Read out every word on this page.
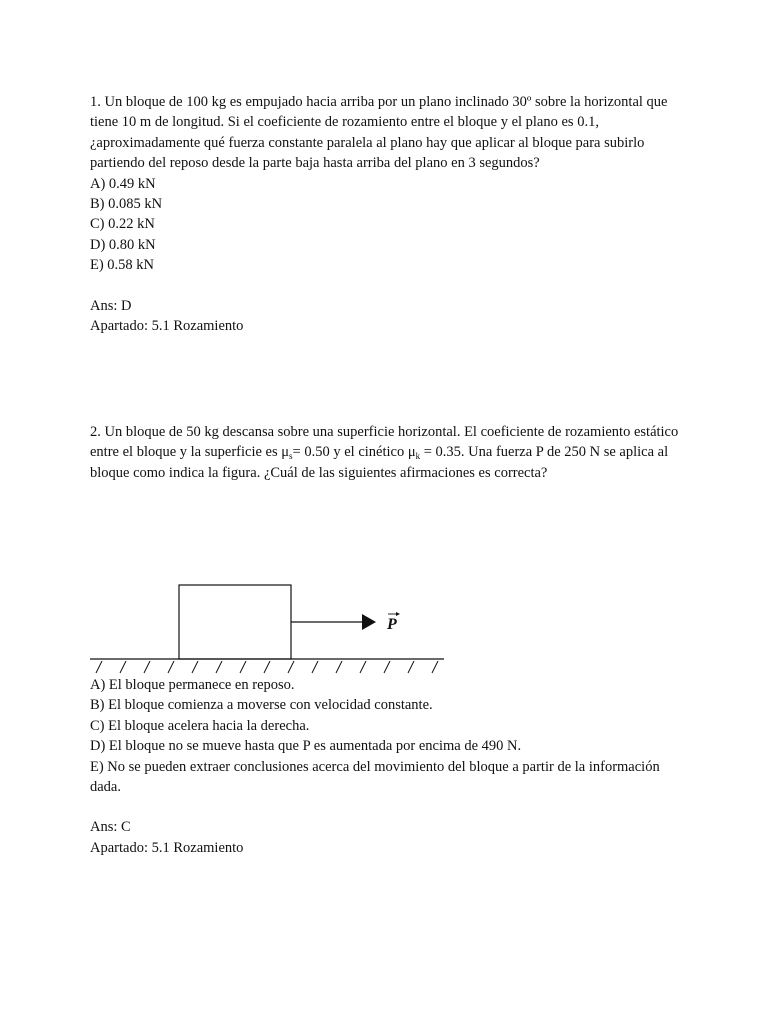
1. Un bloque de 100 kg es empujado hacia arriba por un plano inclinado 30º sobre la horizontal que tiene 10 m de longitud. Si el coeficiente de rozamiento entre el bloque y el plano es 0.1, ¿aproximadamente qué fuerza constante paralela al plano hay que aplicar al bloque para subirlo partiendo del reposo desde la parte baja hasta arriba del plano en 3 segundos?

A) 0.49 kN
B) 0.085 kN
C) 0.22 kN
D) 0.80 kN
E) 0.58 kN
Ans: D
Apartado: 5.1 Rozamiento

2. Un bloque de 50 kg descansa sobre una superficie horizontal. El coeficiente de rozamiento estático entre el bloque y la superficie es $\mu_s= 0.50$ y el cinético $\mu_k = 0.35$. Una fuerza P de 250 N se aplica al bloque como indica la figura. ¿Cuál de las siguientes afirmaciones es correcta?

P
A) El bloque permanece en reposo.
B) El bloque comienza a moverse con velocidad constante.
C) El bloque acelera hacia la derecha.
D) El bloque no se mueve hasta que P es aumentada por encima de 490 N.
E) No se pueden extraer conclusiones acerca del movimiento del bloque a partir de la información dada.
Ans: C
Apartado: 5.1 Rozamiento
